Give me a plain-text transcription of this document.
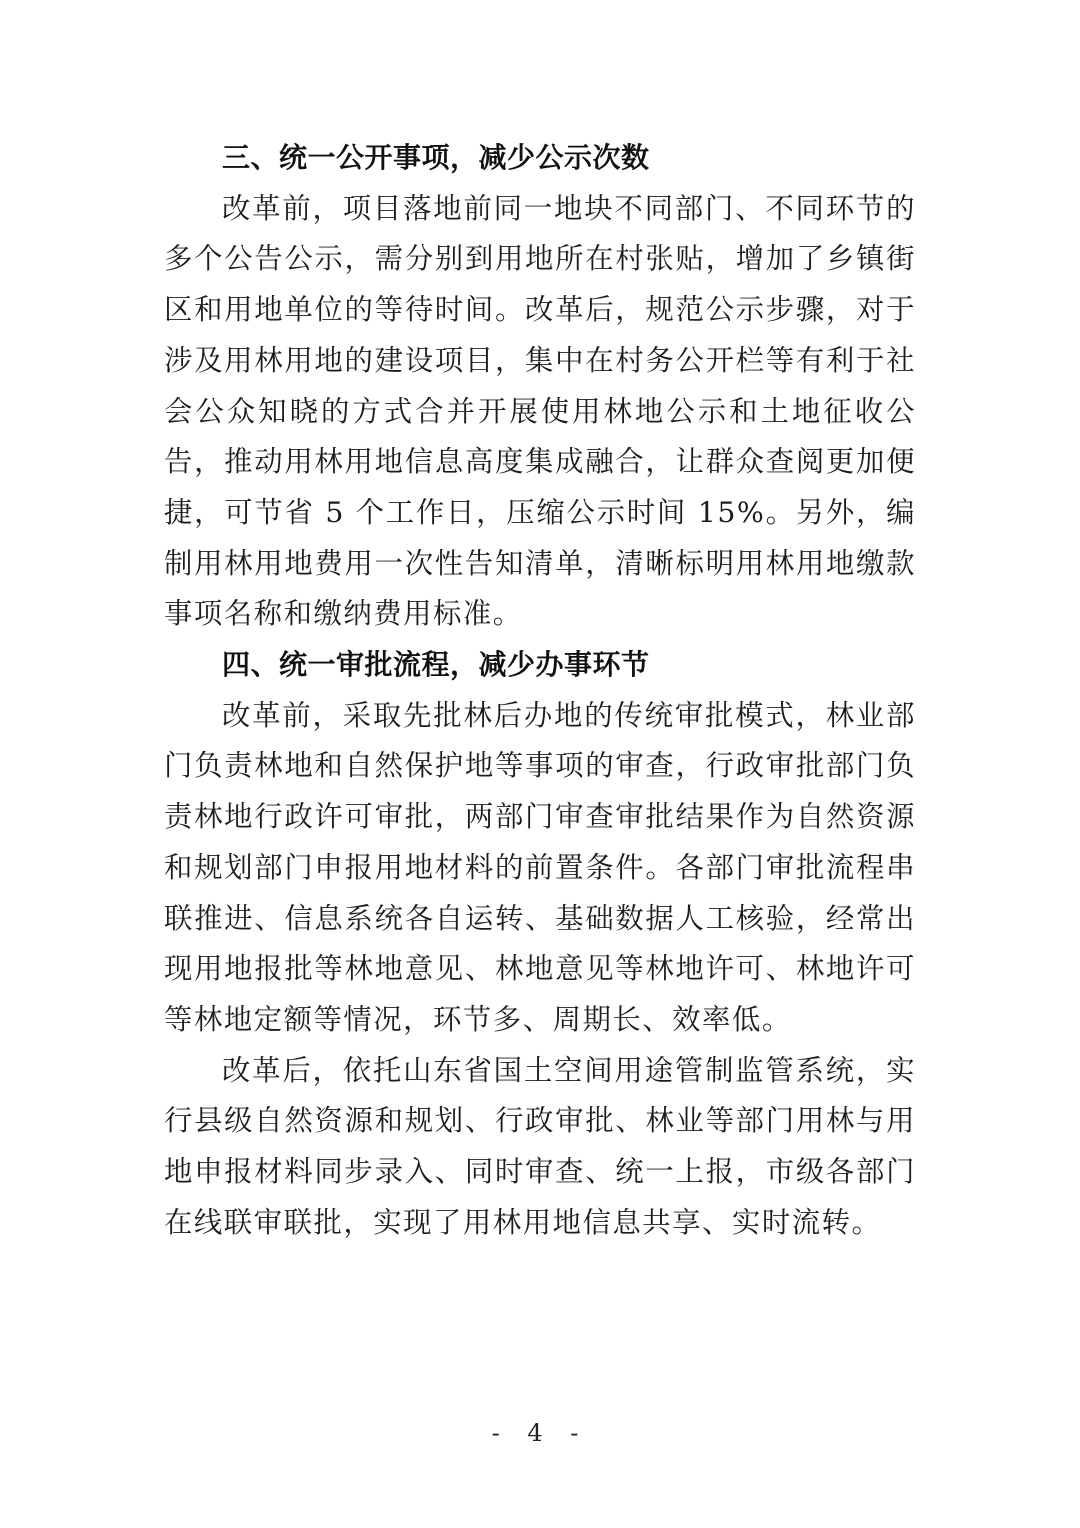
三、统一公开事项，减少公示次数

改革前，项目落地前同一地块不同部门、不同环节的多个公告公示，需分别到用地所在村张贴，增加了乡镇街区和用地单位的等待时间。改革后，规范公示步骤，对于涉及用林用地的建设项目，集中在村务公开栏等有利于社会公众知晓的方式合并开展使用林地公示和土地征收公告，推动用林用地信息高度集成融合，让群众查阅更加便捷，可节省 5 个工作日，压缩公示时间 15%。另外，编制用林用地费用一次性告知清单，清晰标明用林用地缴款事项名称和缴纳费用标准。

四、统一审批流程，减少办事环节

改革前，采取先批林后办地的传统审批模式，林业部门负责林地和自然保护地等事项的审查，行政审批部门负责林地行政许可审批，两部门审查审批结果作为自然资源和规划部门申报用地材料的前置条件。各部门审批流程串联推进、信息系统各自运转、基础数据人工核验，经常出现用地报批等林地意见、林地意见等林地许可、林地许可等林地定额等情况，环节多、周期长、效率低。

改革后，依托山东省国土空间用途管制监管系统，实行县级自然资源和规划、行政审批、林业等部门用林与用地申报材料同步录入、同时审查、统一上报，市级各部门在线联审联批，实现了用林用地信息共享、实时流转。

- 4 -
